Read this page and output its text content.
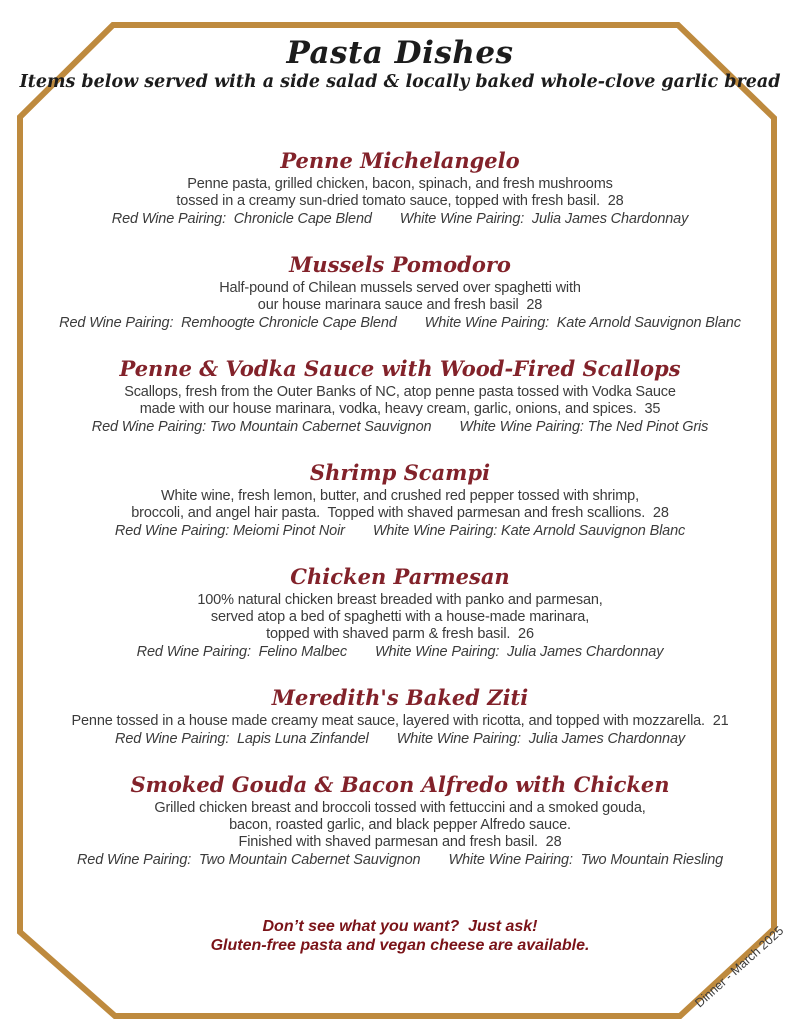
Pasta Dishes

Items below served with a side salad & locally baked whole-clove garlic bread

Penne Michelangelo
Penne pasta, grilled chicken, bacon, spinach, and fresh mushrooms
tossed in a creamy sun-dried tomato sauce, topped with fresh basil.  28
Red Wine Pairing:  Chronicle Cape Blend White Wine Pairing:  Julia James Chardonnay
Mussels Pomodoro
Half-pound of Chilean mussels served over spaghetti with
our house marinara sauce and fresh basil  28
Red Wine Pairing:  Remhoogte Chronicle Cape Blend White Wine Pairing:  Kate Arnold Sauvignon Blanc
Penne & Vodka Sauce with Wood-Fired Scallops
Scallops, fresh from the Outer Banks of NC, atop penne pasta tossed with Vodka Sauce
made with our house marinara, vodka, heavy cream, garlic, onions, and spices.  35
Red Wine Pairing: Two Mountain Cabernet Sauvignon White Wine Pairing: The Ned Pinot Gris
Shrimp Scampi
White wine, fresh lemon, butter, and crushed red pepper tossed with shrimp,
broccoli, and angel hair pasta.  Topped with shaved parmesan and fresh scallions.  28
Red Wine Pairing: Meiomi Pinot Noir White Wine Pairing: Kate Arnold Sauvignon Blanc
Chicken Parmesan
100% natural chicken breast breaded with panko and parmesan,
served atop a bed of spaghetti with a house-made marinara,
topped with shaved parm & fresh basil.  26
Red Wine Pairing:  Felino Malbec White Wine Pairing:  Julia James Chardonnay
Meredith's Baked Ziti
Penne tossed in a house made creamy meat sauce, layered with ricotta, and topped with mozzarella.  21
Red Wine Pairing:  Lapis Luna Zinfandel White Wine Pairing:  Julia James Chardonnay
Smoked Gouda & Bacon Alfredo with Chicken
Grilled chicken breast and broccoli tossed with fettuccini and a smoked gouda,
bacon, roasted garlic, and black pepper Alfredo sauce.
Finished with shaved parmesan and fresh basil.  28
Red Wine Pairing:  Two Mountain Cabernet Sauvignon White Wine Pairing:  Two Mountain Riesling
Don’t see what you want?  Just ask!
Gluten-free pasta and vegan cheese are available.	Dinner - March 2025
